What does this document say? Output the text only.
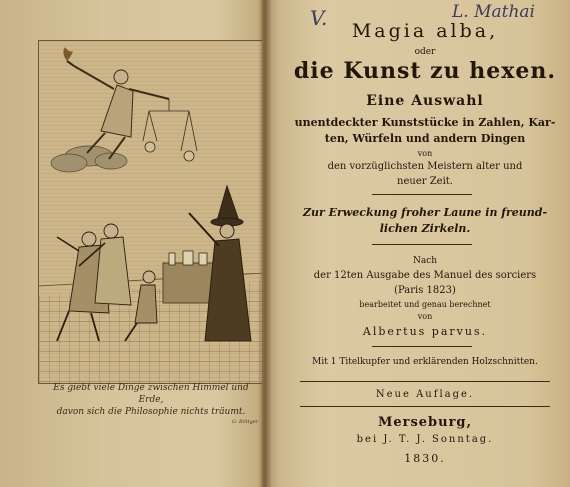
Es giebt viele Dinge zwischen Himmel und Erde,
davon sich die Philosophie nichts träumt.
G. Böttger
V.	L. Mathai
Magia alba,
oder
die Kunst zu hexen.
Eine Auswahl
unentdeckter Kunststücke in Zahlen, Kar-
ten, Würfeln und andern Dingen
von
den vorzüglichsten Meistern alter und
neuer Zeit.
Zur Erweckung froher Laune in freund-
lichen Zirkeln.
Nach
der 12ten Ausgabe des Manuel des sorciers
(Paris 1823)
bearbeitet und genau berechnet
von
Albertus parvus.
Mit 1 Titelkupfer und erklärenden Holzschnitten.
Neue Auflage.
Merseburg,
bei J. T. J. Sonntag.
1830.
